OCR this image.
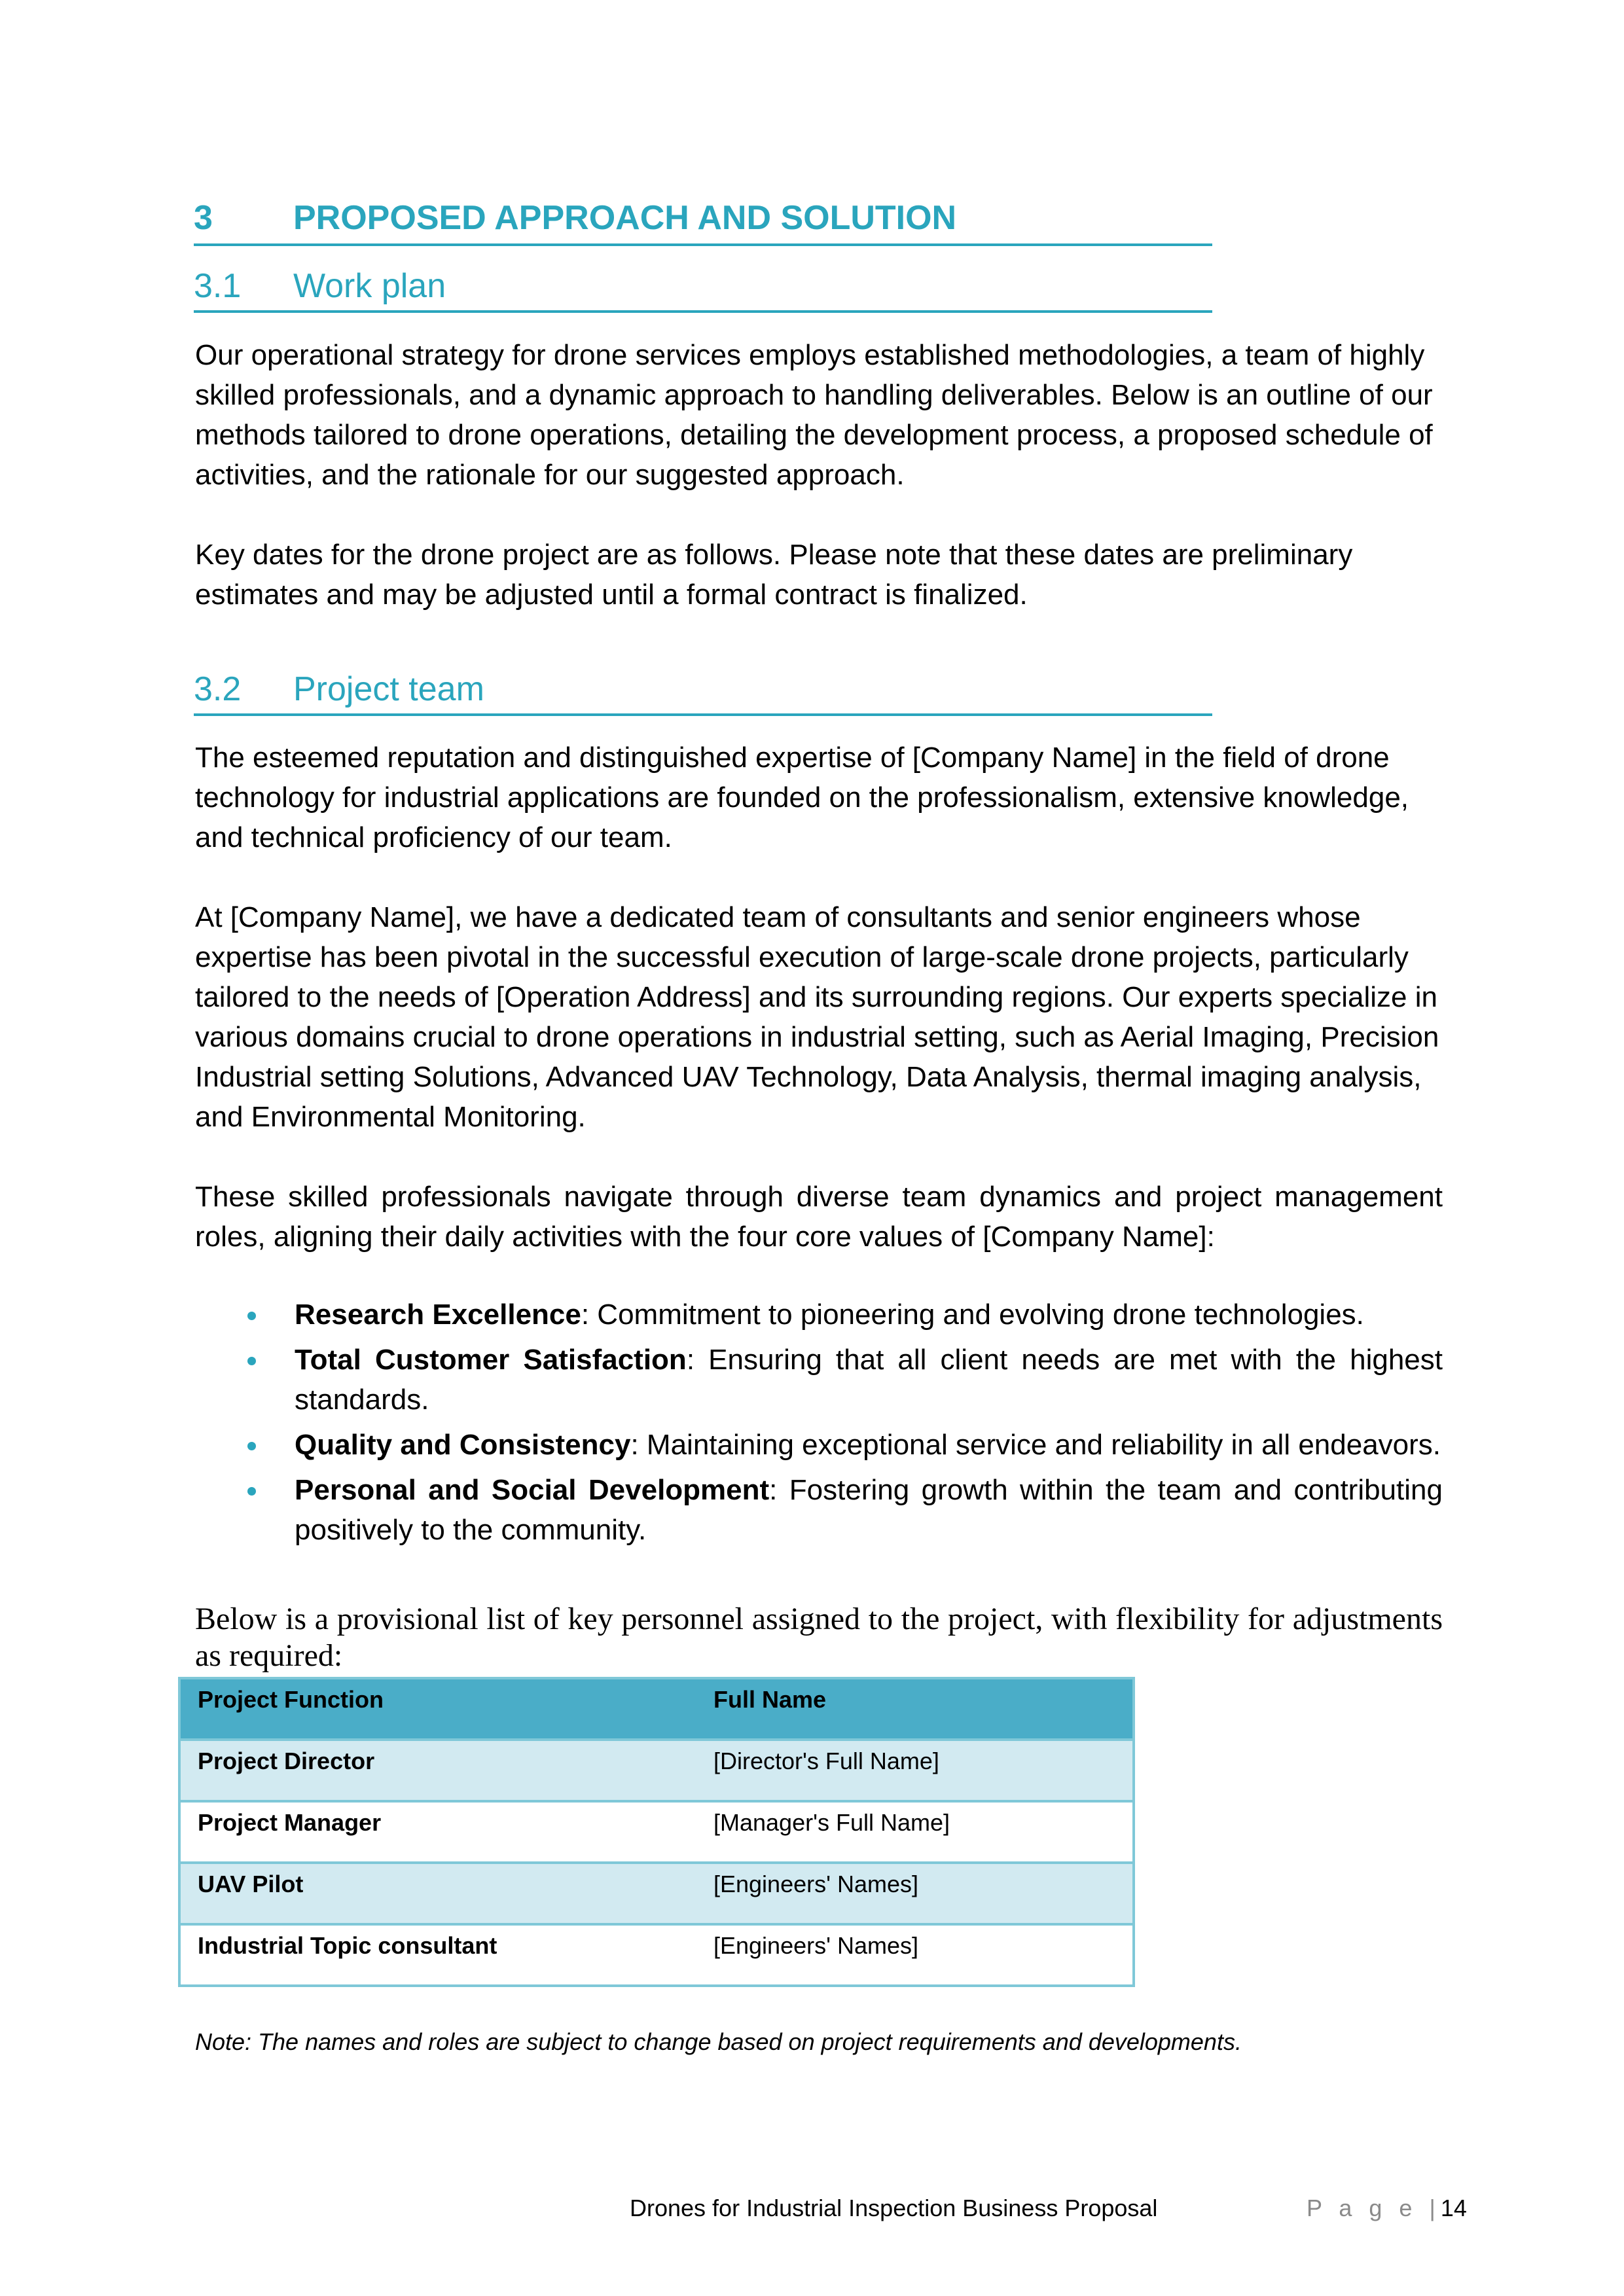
3 PROPOSED APPROACH AND SOLUTION
3.1 Work plan

Our operational strategy for drone services employs established methodologies, a team of highly skilled professionals, and a dynamic approach to handling deliverables. Below is an outline of our methods tailored to drone operations, detailing the development process, a proposed schedule of activities, and the rationale for our suggested approach.

Key dates for the drone project are as follows. Please note that these dates are preliminary estimates and may be adjusted until a formal contract is finalized.

3.2 Project team

The esteemed reputation and distinguished expertise of [Company Name] in the field of drone technology for industrial applications are founded on the professionalism, extensive knowledge, and technical proficiency of our team.

At [Company Name], we have a dedicated team of consultants and senior engineers whose expertise has been pivotal in the successful execution of large-scale drone projects, particularly tailored to the needs of [Operation Address] and its surrounding regions. Our experts specialize in various domains crucial to drone operations in industrial setting, such as Aerial Imaging, Precision Industrial setting Solutions, Advanced UAV Technology, Data Analysis, thermal imaging analysis, and Environmental Monitoring.

These skilled professionals navigate through diverse team dynamics and project management roles, aligning their daily activities with the four core values of [Company Name]:

Research Excellence: Commitment to pioneering and evolving drone technologies.
Total Customer Satisfaction: Ensuring that all client needs are met with the highest standards.
Quality and Consistency: Maintaining exceptional service and reliability in all endeavors.
Personal and Social Development: Fostering growth within the team and contributing positively to the community.

Below is a provisional list of key personnel assigned to the project, with flexibility for adjustments as required:

Project Function	Full Name
Project Director	[Director's Full Name]
Project Manager	[Manager's Full Name]
UAV Pilot	[Engineers' Names]
Industrial Topic consultant	[Engineers' Names]
Note: The names and roles are subject to change based on project requirements and developments.
Drones for Industrial Inspection Business Proposal	P a g e |14
